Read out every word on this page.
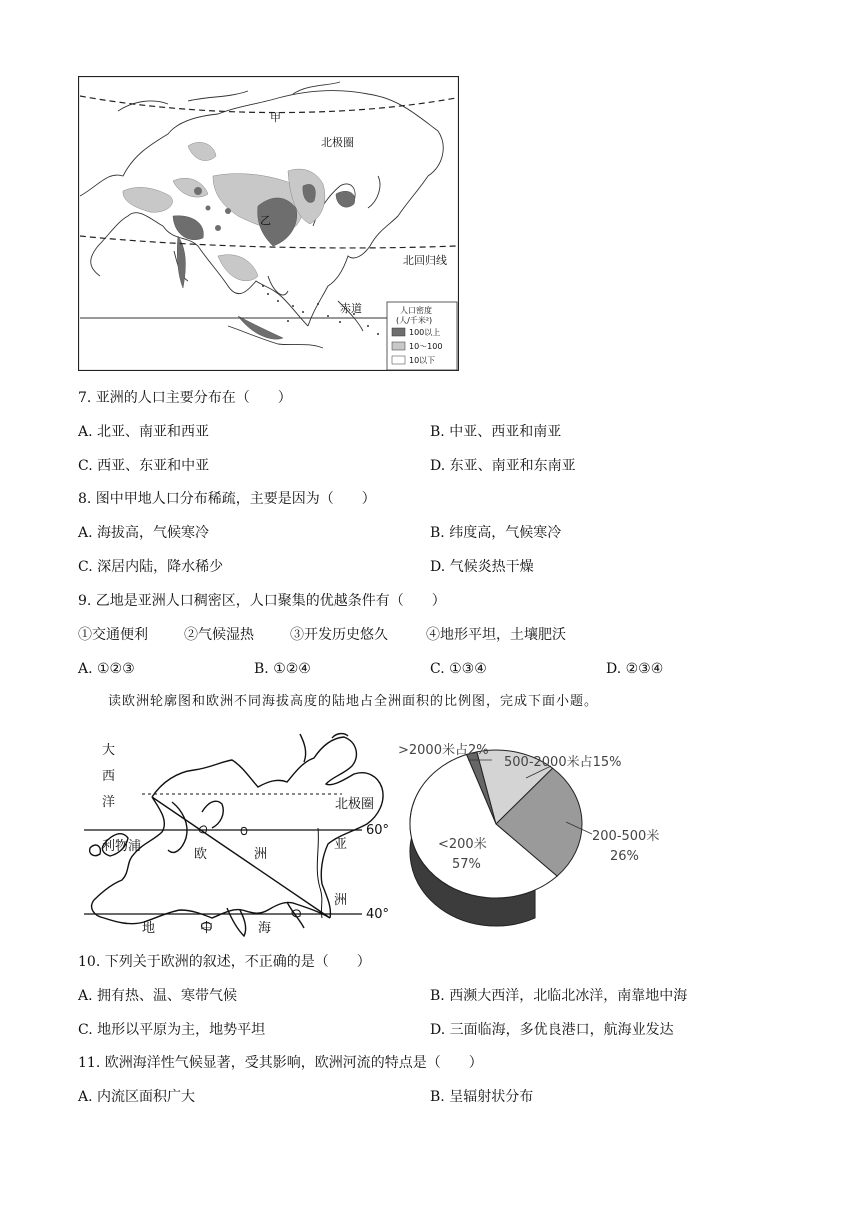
甲
乙
北极圈
北回归线
赤道	人口密度
(人/千米²)
100以上
10～100
10以下
7. 亚洲的人口主要分布在（　　）
A. 北亚、南亚和西亚	B. 中亚、西亚和南亚
C. 西亚、东亚和中亚	D. 东亚、南亚和东南亚
8. 图中甲地人口分布稀疏，主要是因为（　　）
A. 海拔高，气候寒冷	B. 纬度高，气候寒冷
C. 深居内陆，降水稀少	D. 气候炎热干燥
9. 乙地是亚洲人口稠密区，人口聚集的优越条件有（　　）
①交通便利	②气候湿热	③开发历史悠久	④地形平坦，土壤肥沃
A. ①②③	B. ①②④	C. ①③④	D. ②③④
读欧洲轮廓图和欧洲不同海拔高度的陆地占全洲面积的比例图，完成下面小题。
大
西
洋	北极圈
60°
40°
利物浦
欧	洲
亚
洲
地	中	海
>2000米占2%
500-2000米占15%
200-500米
26%
<200米
57%
10. 下列关于欧洲的叙述，不正确的是（　　）
A. 拥有热、温、寒带气候	B. 西濒大西洋，北临北冰洋，南靠地中海
C. 地形以平原为主，地势平坦	D. 三面临海，多优良港口，航海业发达
11. 欧洲海洋性气候显著，受其影响，欧洲河流的特点是（　　）
A. 内流区面积广大	B. 呈辐射状分布
